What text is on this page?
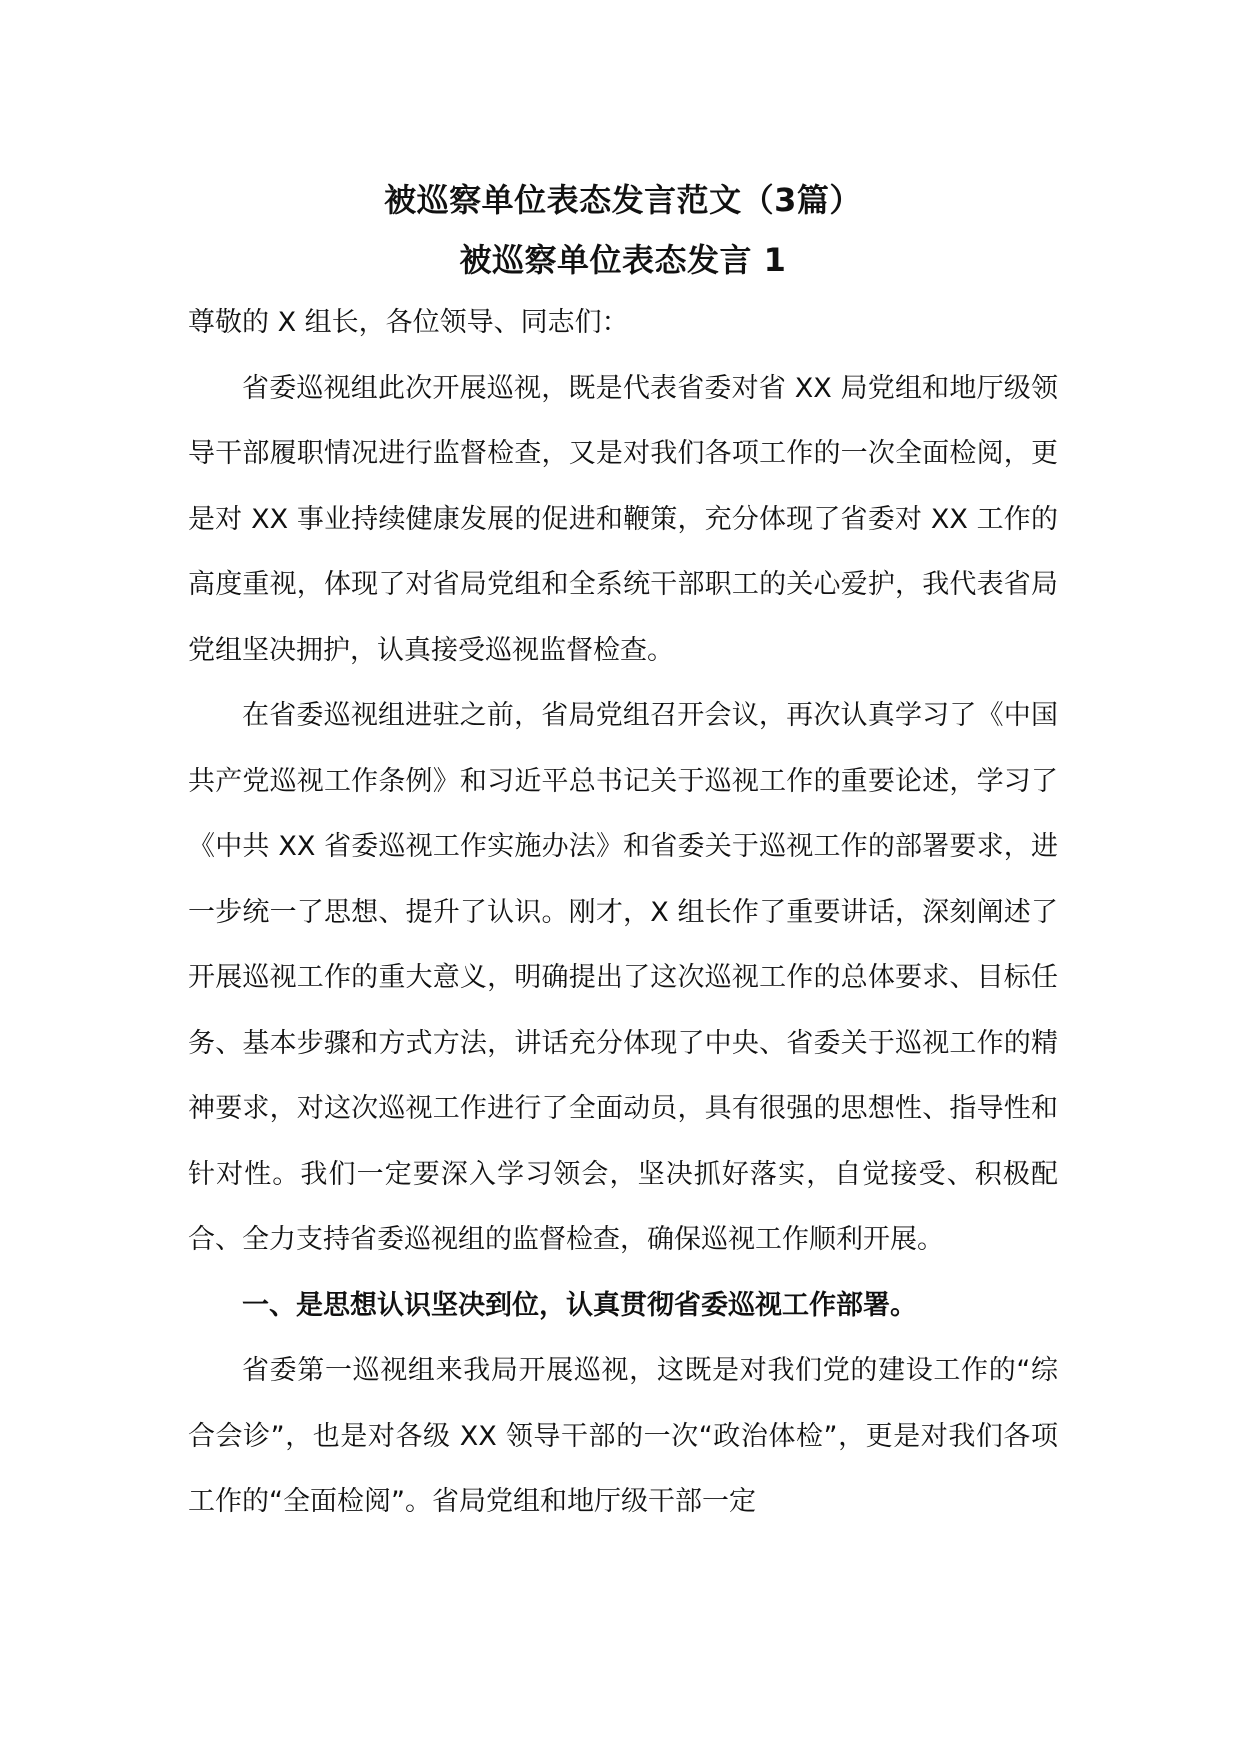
被巡察单位表态发言范文（3篇）
被巡察单位表态发言 1

尊敬的 X 组长，各位领导、同志们：

省委巡视组此次开展巡视，既是代表省委对省 XX 局党组和地厅级领导干部履职情况进行监督检查，又是对我们各项工作的一次全面检阅，更是对 XX 事业持续健康发展的促进和鞭策，充分体现了省委对 XX 工作的高度重视，体现了对省局党组和全系统干部职工的关心爱护，我代表省局党组坚决拥护，认真接受巡视监督检查。

在省委巡视组进驻之前，省局党组召开会议，再次认真学习了《中国共产党巡视工作条例》和习近平总书记关于巡视工作的重要论述，学习了《中共 XX 省委巡视工作实施办法》和省委关于巡视工作的部署要求，进一步统一了思想、提升了认识。刚才，X 组长作了重要讲话，深刻阐述了开展巡视工作的重大意义，明确提出了这次巡视工作的总体要求、目标任务、基本步骤和方式方法，讲话充分体现了中央、省委关于巡视工作的精神要求，对这次巡视工作进行了全面动员，具有很强的思想性、指导性和针对性。我们一定要深入学习领会，坚决抓好落实，自觉接受、积极配合、全力支持省委巡视组的监督检查，确保巡视工作顺利开展。

一、是思想认识坚决到位，认真贯彻省委巡视工作部署。

省委第一巡视组来我局开展巡视，这既是对我们党的建设工作的“综合会诊”，也是对各级 XX 领导干部的一次“政治体检”，更是对我们各项工作的“全面检阅”。省局党组和地厅级干部一定
